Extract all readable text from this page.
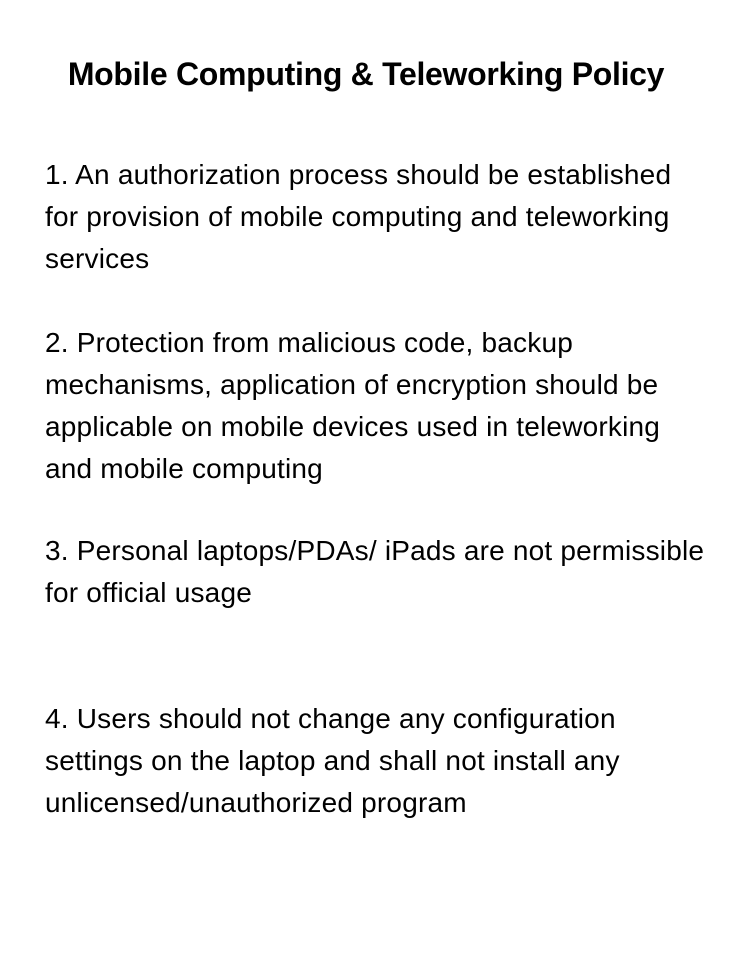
Mobile Computing & Teleworking Policy

1. An authorization process should be established for provision of mobile computing and teleworking services

2. Protection from malicious code, backup mechanisms, application of encryption should be applicable on mobile devices used in teleworking and mobile computing

3. Personal laptops/PDAs/ iPads are not permissible for official usage

4. Users should not change any configuration settings on the laptop and shall not install any unlicensed/unauthorized program
